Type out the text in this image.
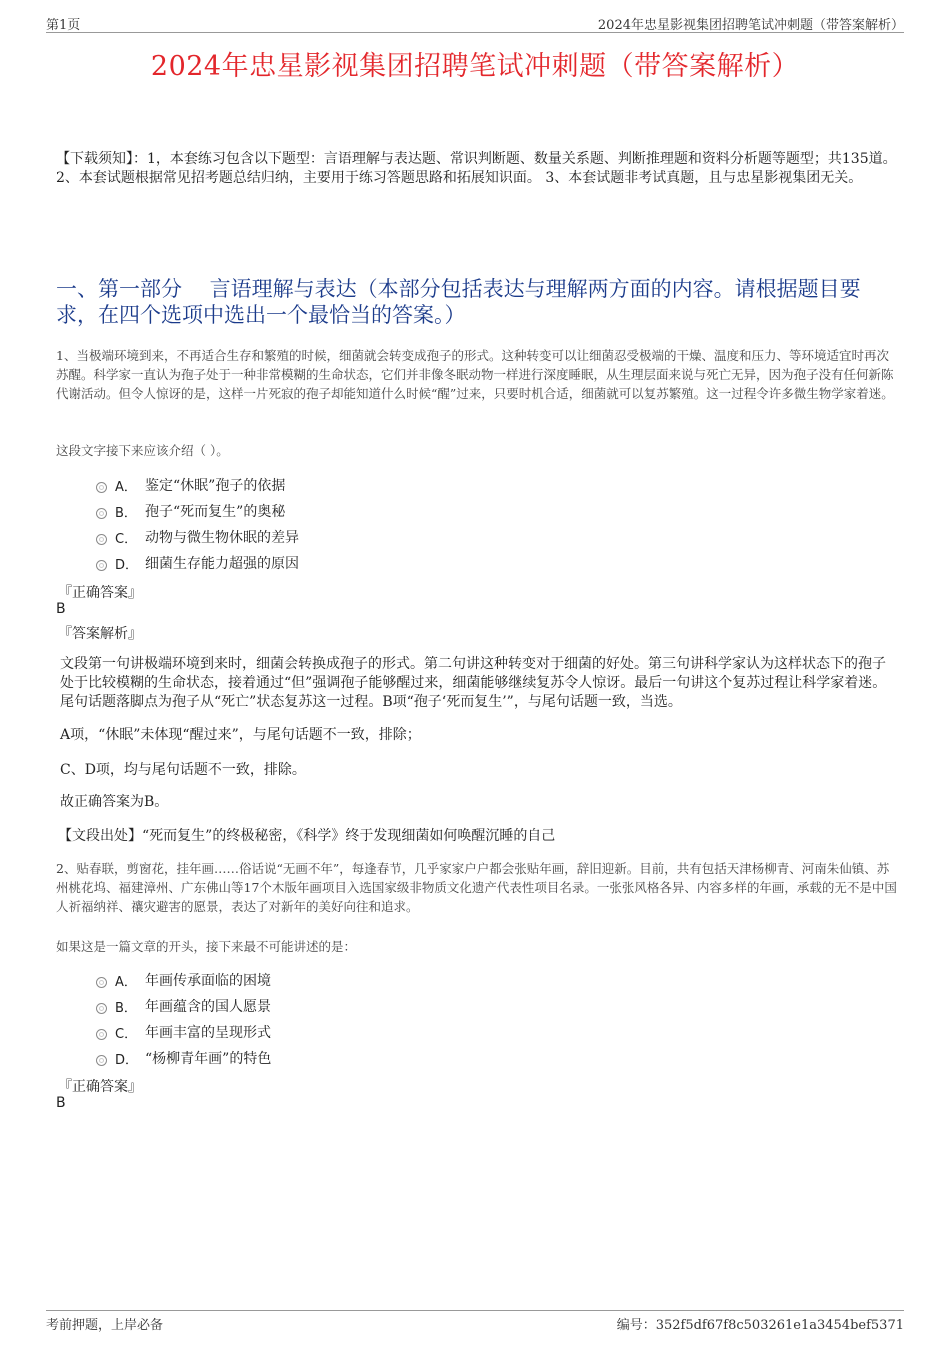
第1页	2024年忠星影视集团招聘笔试冲刺题（带答案解析）
2024年忠星影视集团招聘笔试冲刺题（带答案解析）
【下载须知】：1，本套练习包含以下题型：言语理解与表达题、常识判断题、数量关系题、判断推理题和资料分析题等题型；共135道。 2、本套试题根据常见招考题总结归纳，主要用于练习答题思路和拓展知识面。 3、本套试题非考试真题，且与忠星影视集团无关。
一、第一部分　 言语理解与表达（本部分包括表达与理解两方面的内容。请根据题目要求，在四个选项中选出一个最恰当的答案。）
1、当极端环境到来，不再适合生存和繁殖的时候，细菌就会转变成孢子的形式。这种转变可以让细菌忍受极端的干燥、温度和压力、等环境适宜时再次苏醒。科学家一直认为孢子处于一种非常模糊的生命状态，它们并非像冬眠动物一样进行深度睡眠，从生理层面来说与死亡无异，因为孢子没有任何新陈代谢活动。但令人惊讶的是，这样一片死寂的孢子却能知道什么时候“醒”过来，只要时机合适，细菌就可以复苏繁殖。这一过程令许多微生物学家着迷。
这段文字接下来应该介绍（ ）。
A． 鉴定“休眠”孢子的依据
B． 孢子“死而复生”的奥秘
C． 动物与微生物休眠的差异
D． 细菌生存能力超强的原因
『正确答案』
B
『答案解析』
文段第一句讲极端环境到来时，细菌会转换成孢子的形式。第二句讲这种转变对于细菌的好处。第三句讲科学家认为这样状态下的孢子处于比较模糊的生命状态，接着通过“但”强调孢子能够醒过来，细菌能够继续复苏令人惊讶。最后一句讲这个复苏过程让科学家着迷。尾句话题落脚点为孢子从“死亡”状态复苏这一过程。B项“孢子‘死而复生’”，与尾句话题一致，当选。
A项，“休眠”未体现“醒过来”，与尾句话题不一致，排除；
C、D项，均与尾句话题不一致，排除。
故正确答案为B。
【文段出处】“死而复生”的终极秘密，《科学》终于发现细菌如何唤醒沉睡的自己
2、贴春联，剪窗花，挂年画……俗话说“无画不年”，每逢春节，几乎家家户户都会张贴年画，辞旧迎新。目前，共有包括天津杨柳青、河南朱仙镇、苏州桃花坞、福建漳州、广东佛山等17个木版年画项目入选国家级非物质文化遗产代表性项目名录。一张张风格各异、内容多样的年画，承载的无不是中国人祈福纳祥、禳灾避害的愿景，表达了对新年的美好向往和追求。
如果这是一篇文章的开头，接下来最不可能讲述的是：
A． 年画传承面临的困境
B． 年画蕴含的国人愿景
C． 年画丰富的呈现形式
D． “杨柳青年画”的特色
『正确答案』
B
考前押题，上岸必备	编号：352f5df67f8c503261e1a3454bef5371
